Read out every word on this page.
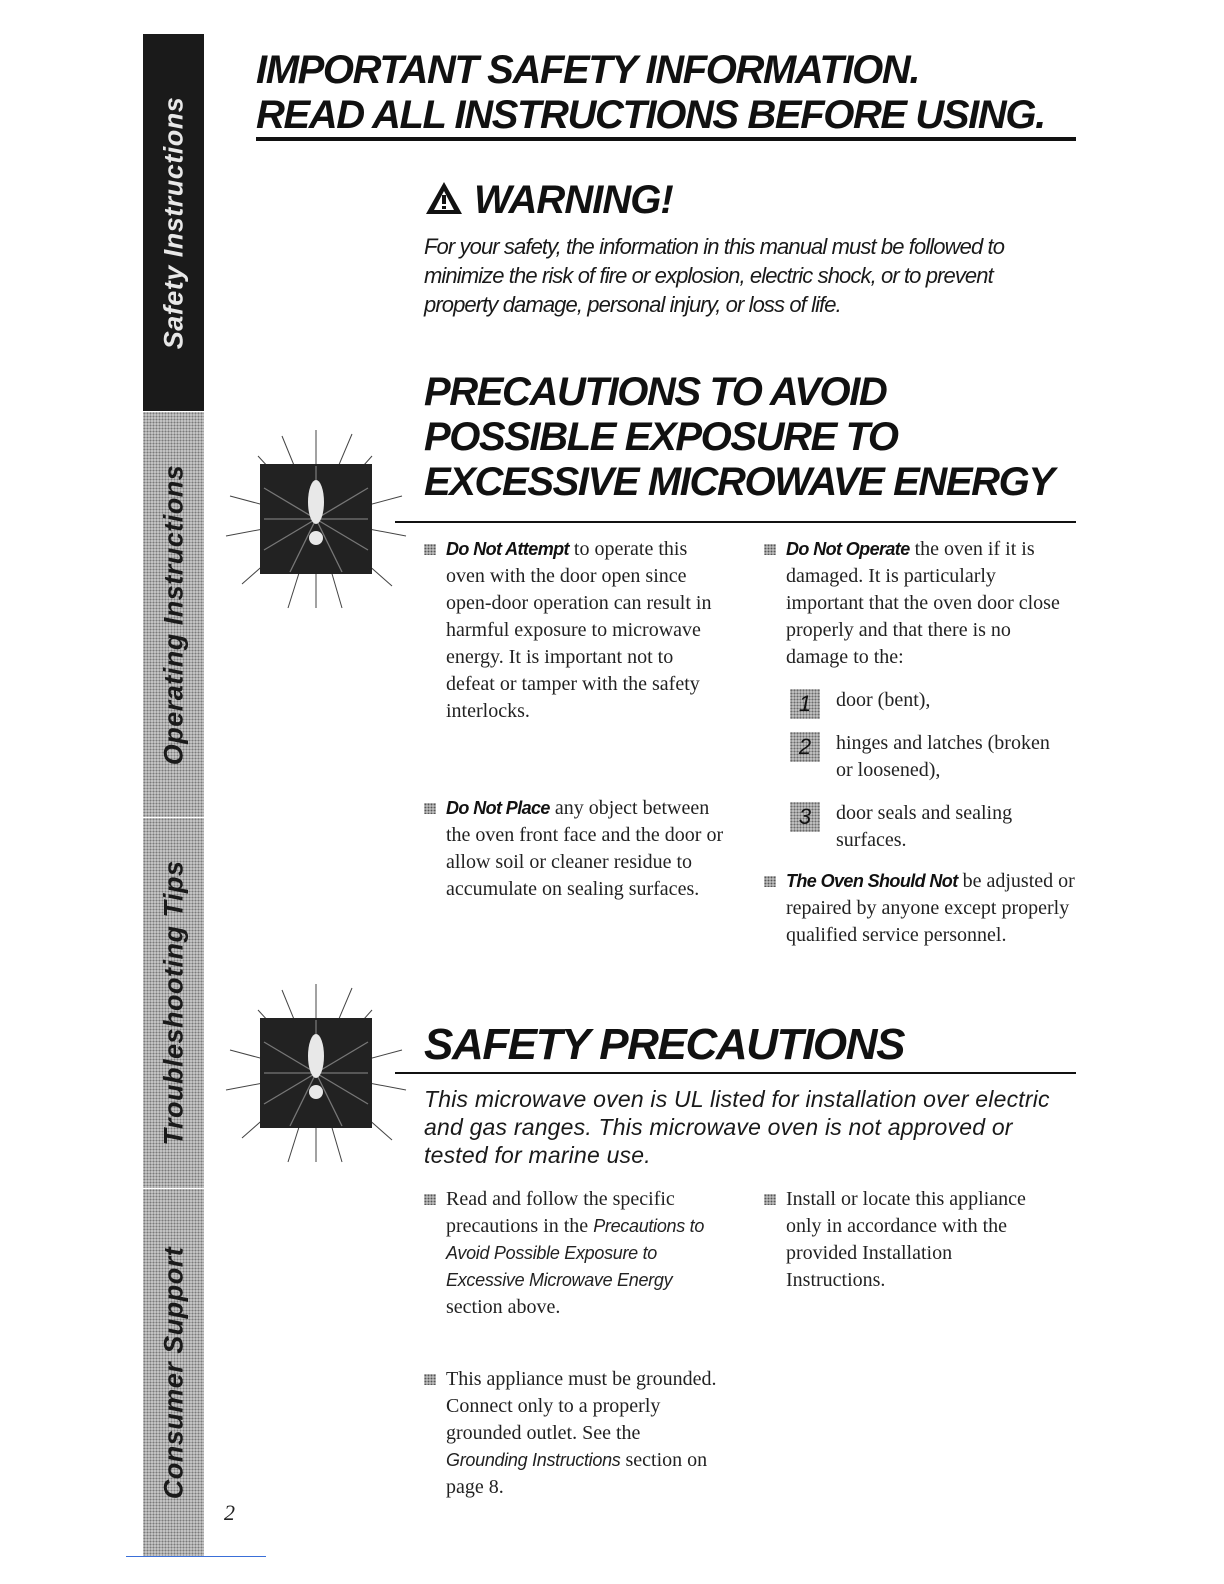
Safety Instructions
Operating Instructions
Troubleshooting Tips
Consumer Support
IMPORTANT SAFETY INFORMATION.
READ ALL INSTRUCTIONS BEFORE USING.
WARNING!
For your safety, the information in this manual must be followed to minimize the risk of fire or explosion, electric shock, or to prevent property damage, personal injury, or loss of life.
PRECAUTIONS TO AVOID POSSIBLE EXPOSURE TO EXCESSIVE MICROWAVE ENERGY
Do Not Attempt to operate this oven with the door open since open-door operation can result in harmful exposure to microwave energy. It is important not to defeat or tamper with the safety interlocks.
Do Not Place any object between the oven front face and the door or allow soil or cleaner residue to accumulate on sealing surfaces.
Do Not Operate the oven if it is damaged. It is particularly important that the oven door close properly and that there is no damage to the:
1	door (bent),
2	hinges and latches (broken or loosened),
3	door seals and sealing surfaces.
The Oven Should Not be adjusted or repaired by anyone except properly qualified service personnel.
SAFETY PRECAUTIONS
This microwave oven is UL listed for installation over electric and gas ranges. This microwave oven is not approved or tested for marine use.
Read and follow the specific precautions in the Precautions to Avoid Possible Exposure to Excessive Microwave Energy section above.
This appliance must be grounded. Connect only to a properly grounded outlet. See the Grounding Instructions section on page 8.
Install or locate this appliance only in accordance with the provided Installation Instructions.
2
